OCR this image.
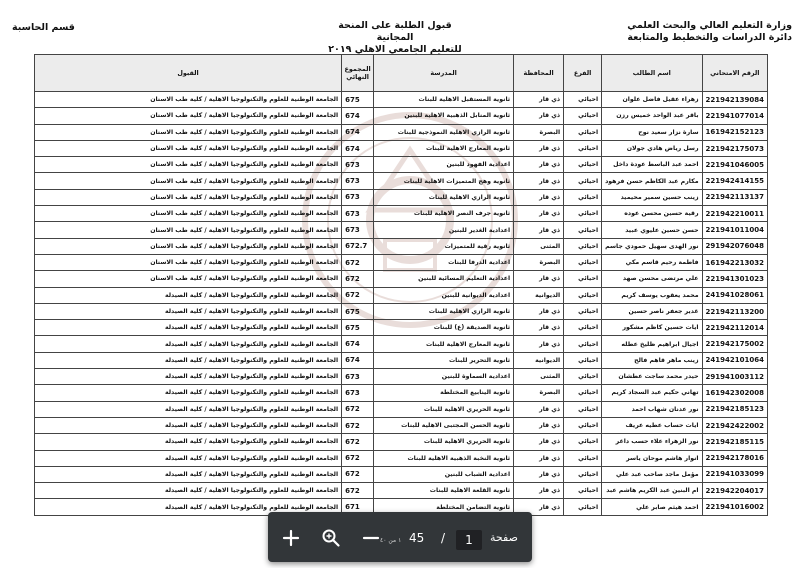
وزارة التعليم العالي والبحث العلمي
دائرة الدراسات والتخطيط والمتابعة
قبول الطلبة على المنحة المجانية
للتعليم الجامعي الاهلي ٢٠١٩
قسم الحاسبة
الرقم الامتحاني	اسم الطالب	الفرع	المحافظة	المدرسة	المجموع النهائي	القبول
221942139084	زهراء عقيل فاضل علوان	احيائي	ذي قار	ثانوية المستقبل الاهلية للبنات	675	الجامعة الوطنية للعلوم والتكنولوجيا الاهلية / كلية طب الاسنان
221941077014	باقر عبد الواحد خميس رزن	احيائي	ذي قار	ثانوية المنابل الذهبية الاهلية للبنين	674	الجامعة الوطنية للعلوم والتكنولوجيا الاهلية / كلية طب الاسنان
161942152123	سارة نزار سعيد نوح	احيائي	البصرة	ثانوية الرازي الاهلية النموذجية للبنات	674	الجامعة الوطنية للعلوم والتكنولوجيا الاهلية / كلية طب الاسنان
221942175073	رسل رياض هادي جولان	احيائي	ذي قار	ثانوية المعارج الاهلية للبنات	674	الجامعة الوطنية للعلوم والتكنولوجيا الاهلية / كلية طب الاسنان
221941046005	احمد عبد الباسط عودة داخل	احيائي	ذي قار	اعدادية الفهود للبنين	673	الجامعة الوطنية للعلوم والتكنولوجيا الاهلية / كلية طب الاسنان
221942414155	مكارم عبد الكاظم حسن فرهود	احيائي	ذي قار	ثانوية وهج المتميزات الاهلية للبنات	673	الجامعة الوطنية للعلوم والتكنولوجيا الاهلية / كلية طب الاسنان
221942113137	زينب حسين سمير محيميد	احيائي	ذي قار	ثانوية الرازي الاهلية للبنات	673	الجامعة الوطنية للعلوم والتكنولوجيا الاهلية / كلية طب الاسنان
221942210011	رقية حسين محسن عوده	احيائي	ذي قار	ثانوية جرف النصر الاهلية للبنات	673	الجامعة الوطنية للعلوم والتكنولوجيا الاهلية / كلية طب الاسنان
221941011004	حسن حسين عليوي عبيد	احيائي	ذي قار	اعدادية الغدير للبنين	673	الجامعة الوطنية للعلوم والتكنولوجيا الاهلية / كلية طب الاسنان
291942076048	نور الهدى سهيل حمودي جاسم	احيائي	المثنى	ثانوية رقية للمتميزات	672.7	الجامعة الوطنية للعلوم والتكنولوجيا الاهلية / كلية طب الاسنان
161942213032	فاطمة رحيم قاسم مكي	احيائي	البصرة	اعدادية الدرفا للبنات	672	الجامعة الوطنية للعلوم والتكنولوجيا الاهلية / كلية طب الاسنان
221941301023	علي مرتضى محسن صهد	احيائي	ذي قار	اعدادية التعليم المسائية للبنين	672	الجامعة الوطنية للعلوم والتكنولوجيا الاهلية / كلية طب الاسنان
241941028061	محمد يعقوب يوسف كريم	احيائي	الديوانية	اعدادية الديوانية للبنين	672	الجامعة الوطنية للعلوم والتكنولوجيا الاهلية / كلية الصيدلة
221942113200	غدير جعفر ناصر حسين	احيائي	ذي قار	ثانوية الرازي الاهلية للبنات	675	الجامعة الوطنية للعلوم والتكنولوجيا الاهلية / كلية الصيدلة
221942112014	ايات حسين كاظم مشكور	احيائي	ذي قار	ثانوية الصديقة (ع) للبنات	675	الجامعة الوطنية للعلوم والتكنولوجيا الاهلية / كلية الصيدلة
221942175002	اجيال ابراهيم ظليخ عطله	احيائي	ذي قار	ثانوية المعارج الاهلية للبنات	674	الجامعة الوطنية للعلوم والتكنولوجيا الاهلية / كلية الصيدلة
241942101064	زينب ماهر قاهم فالح	احيائي	الديوانية	ثانوية التحرير للبنات	674	الجامعة الوطنية للعلوم والتكنولوجيا الاهلية / كلية الصيدلة
291941003112	حيدر محمد ساجت عطشان	احيائي	المثنى	اعدادية السماوة للبنين	673	الجامعة الوطنية للعلوم والتكنولوجيا الاهلية / كلية الصيدلة
161942302008	تهاني حكيم عبد السجاد كريم	احيائي	البصرة	ثانوية الينابيع المختلطة	673	الجامعة الوطنية للعلوم والتكنولوجيا الاهلية / كلية الصيدلة
221942185123	نور عدنان شهاب احمد	احيائي	ذي قار	ثانوية الحريري الاهلية للبنات	672	الجامعة الوطنية للعلوم والتكنولوجيا الاهلية / كلية الصيدلة
221942422002	ايات حساب عطيه عريف	احيائي	ذي قار	ثانوية الحسن المجتبى الاهلية للبنات	672	الجامعة الوطنية للعلوم والتكنولوجيا الاهلية / كلية الصيدلة
221942185115	نور الزهراء علاء حسب داغر	احيائي	ذي قار	ثانوية الحريري الاهلية للبنات	672	الجامعة الوطنية للعلوم والتكنولوجيا الاهلية / كلية الصيدلة
221942178016	انوار هاشم موحان ياسر	احيائي	ذي قار	ثانوية النخبة الذهبية الاهلية للبنات	672	الجامعة الوطنية للعلوم والتكنولوجيا الاهلية / كلية الصيدلة
221941033099	مؤمل ماجد صاحب عبد علي	احيائي	ذي قار	اعدادية الشباب للبنين	672	الجامعة الوطنية للعلوم والتكنولوجيا الاهلية / كلية الصيدلة
221942204017	ام البنين عبد الكريم هاشم عبد	احيائي	ذي قار	ثانوية القلعة الاهلية للبنات	672	الجامعة الوطنية للعلوم والتكنولوجيا الاهلية / كلية الصيدلة
221941016002	احمد هيثم صابر علي	احيائي	ذي قار	ثانوية التضامن المختلطة	671	الجامعة الوطنية للعلوم والتكنولوجيا الاهلية / كلية الصيدلة
١ من ٤٠ 45 /	1	صفحة
